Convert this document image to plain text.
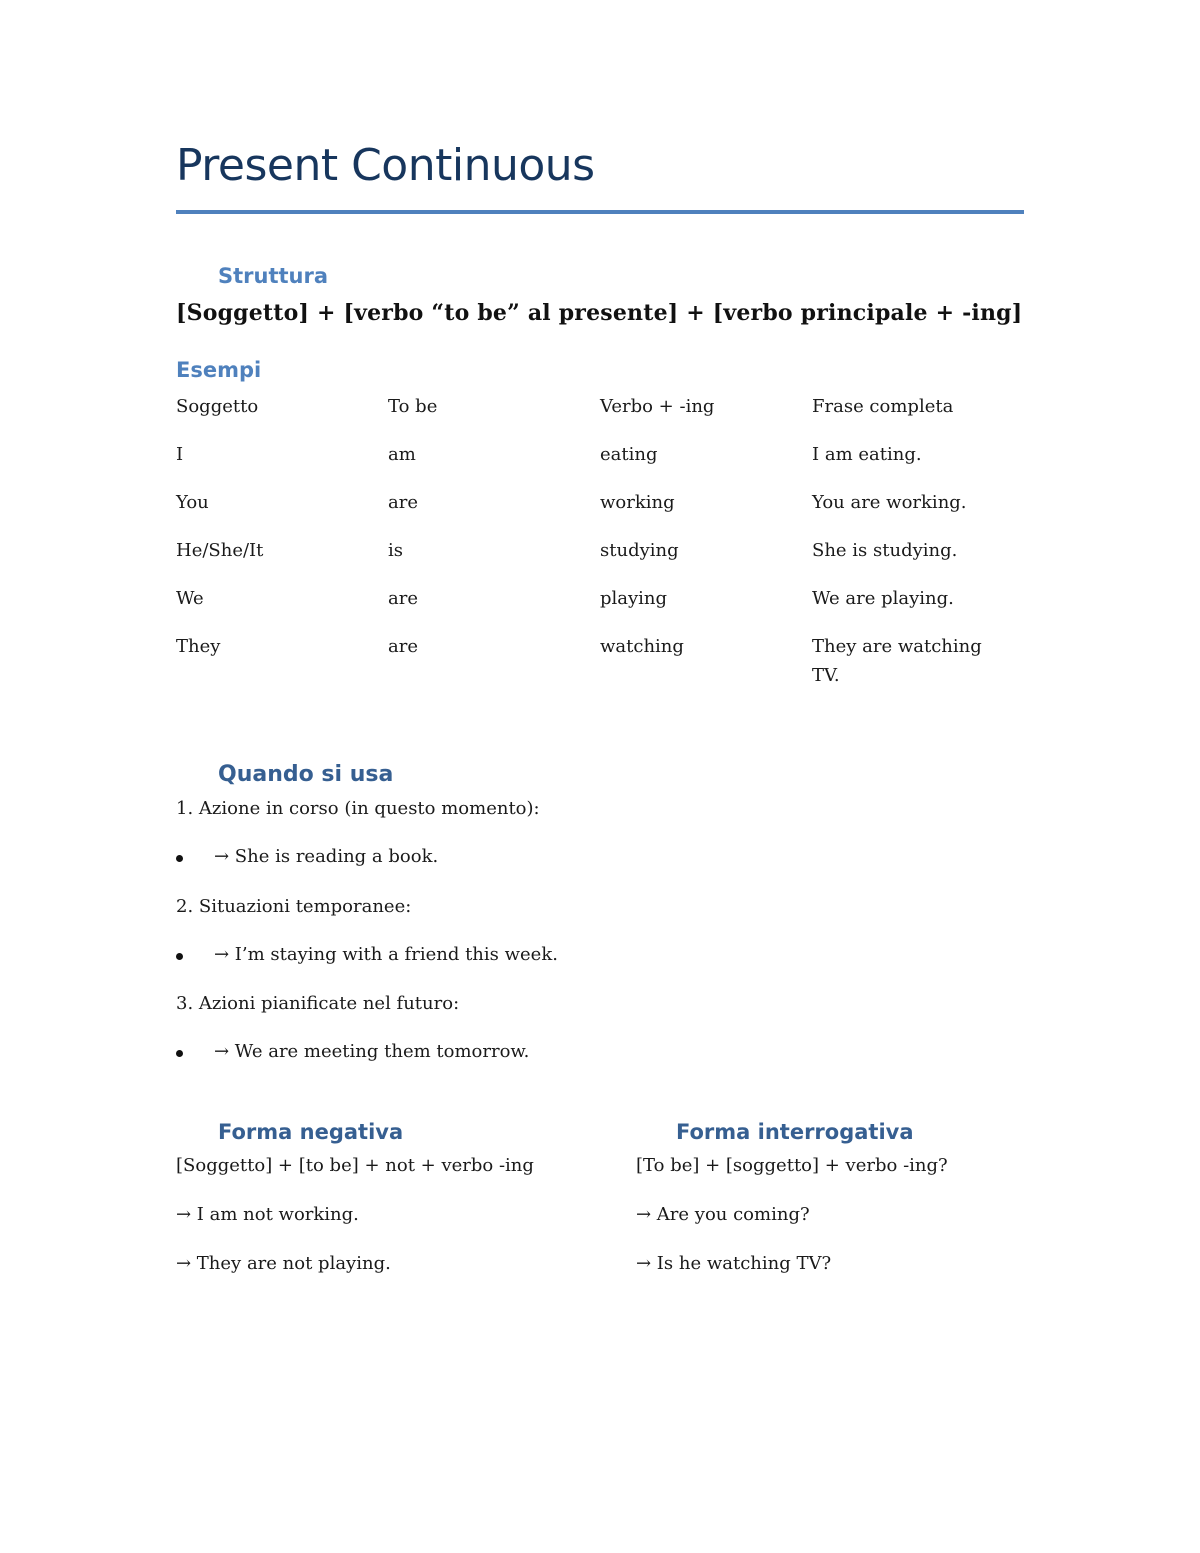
Present Continuous
Struttura
[Soggetto] + [verbo “to be” al presente] + [verbo principale + -ing]
Esempi
Soggetto	To be	Verbo + -ing	Frase completa
I	am	eating	I am eating.
You	are	working	You are working.
He/She/It	is	studying	She is studying.
We	are	playing	We are playing.
They	are	watching	They are watching TV.
Quando si usa
1. Azione in corso (in questo momento):
→ She is reading a book.
2. Situazioni temporanee:
→ I’m staying with a friend this week.
3. Azioni pianificate nel futuro:
→ We are meeting them tomorrow.
Forma negativa
[Soggetto] + [to be] + not + verbo -ing
→ I am not working.
→ They are not playing.
Forma interrogativa
[To be] + [soggetto] + verbo -ing?
→ Are you coming?
→ Is he watching TV?
